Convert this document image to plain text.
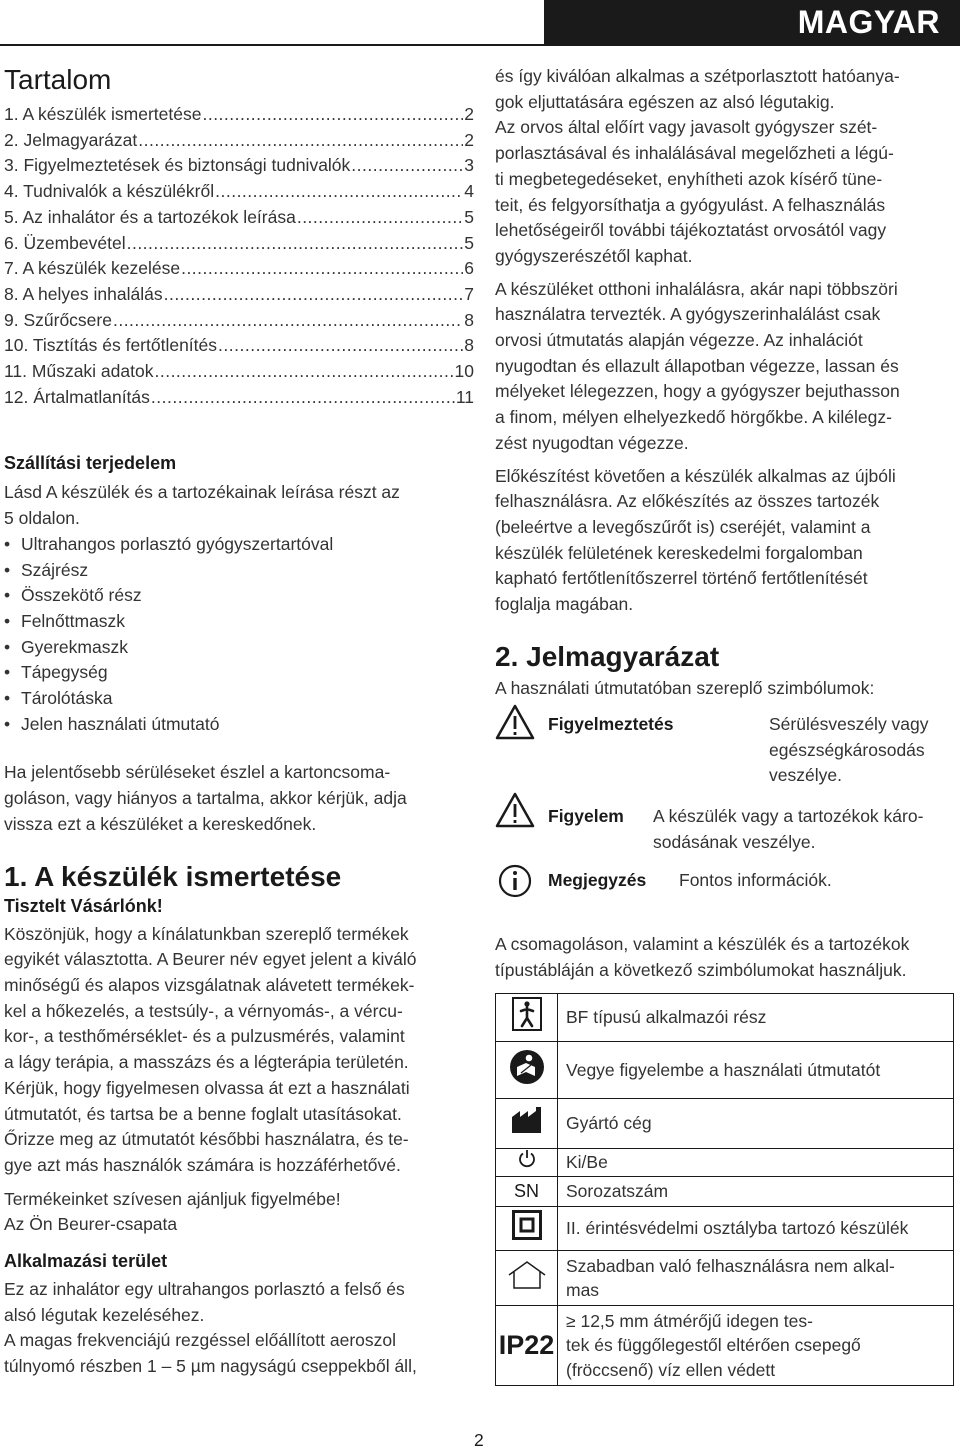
MAGYAR
Tartalom
1. A készülék ismertetése .....	2
2. Jelmagyarázat .....	2
3. Figyelmeztetések és biztonsági tudnivalók .....	3
4. Tudnivalók a készülékről .....	4
5. Az inhalátor és a tartozékok leírása .....	5
6. Üzembevétel .....	5
7. A készülék kezelése .....	6
8. A helyes inhalálás .....	7
9. Szűrőcsere .....	8
10. Tisztítás és fertőtlenítés .....	8
11. Műszaki adatok .....	10
12. Ártalmatlanítás .....	11
Szállítási terjedelem

Lásd A készülék és a tartozékainak leírása részt az

5 oldalon.

• Ultrahangos porlasztó gyógyszertartóval
• Szájrész
• Összekötő rész
• Felnőttmaszk
• Gyerekmaszk
• Tápegység
• Tárolótáska
• Jelen használati útmutató

Ha jelentősebb sérüléseket észlel a kartoncsoma-

goláson, vagy hiányos a tartalma, akkor kérjük, adja

vissza ezt a készüléket a kereskedőnek.

1. A készülék ismertetése
Tisztelt Vásárlónk!

Köszönjük, hogy a kínálatunkban szereplő termékek

egyikét választotta. A Beurer név egyet jelent a kiváló

minőségű és alapos vizsgálatnak alávetett termékek-

kel a hőkezelés, a testsúly-, a vérnyomás-, a vércu-

kor-, a testhőmérséklet- és a pulzusmérés, valamint

a lágy terápia, a masszázs és a légterápia területén.

Kérjük, hogy figyelmesen olvassa át ezt a használati

útmutatót, és tartsa be a benne foglalt utasításokat.

Őrizze meg az útmutatót későbbi használatra, és te-

gye azt más használók számára is hozzáférhetővé.

Termékeinket szívesen ajánljuk figyelmébe!

Az Ön Beurer-csapata

Alkalmazási terület

Ez az inhalátor egy ultrahangos porlasztó a felső és

alsó légutak kezeléséhez.

A magas frekvenciájú rezgéssel előállított aeroszol

túlnyomó részben 1 – 5 µm nagyságú cseppekből áll,

és így kiválóan alkalmas a szétporlasztott hatóanya-

gok eljuttatására egészen az alsó légutakig.

Az orvos által előírt vagy javasolt gyógyszer szét-

porlasztásával és inhalálásával megelőzheti a légú-

ti megbetegedéseket, enyhítheti azok kísérő tüne-

teit, és felgyorsíthatja a gyógyulást. A felhasználás

lehetőségeiről további tájékoztatást orvosától vagy

gyógyszerészétől kaphat.

A készüléket otthoni inhalálásra, akár napi többszöri

használatra tervezték. A gyógyszerinhalálást csak

orvosi útmutatás alapján végezze. Az inhalációt

nyugodtan és ellazult állapotban végezze, lassan és

mélyeket lélegezzen, hogy a gyógyszer bejuthasson

a finom, mélyen elhelyezkedő hörgőkbe. A kilélegz-

zést nyugodtan végezze.

Előkészítést követően a készülék alkalmas az újbóli

felhasználásra. Az előkészítés az összes tartozék

(beleértve a levegőszűrőt is) cseréjét, valamint a

készülék felületének kereskedelmi forgalomban

kapható fertőtlenítőszerrel történő fertőtlenítését

foglalja magában.

2. Jelmagyarázat

A használati útmutatóban szereplő szimbólumok:

Figyelmeztetés	Sérülésveszély vagy
egészségkárosodás
veszélye.
Figyelem A készülék vagy a tartozékok káro-
sodásának veszélye.
Megjegyzés Fontos információk.
A csomagoláson, valamint a készülék és a tartozékok
típustábláján a következő szimbólumokat használjuk.
	BF típusú alkalmazói rész
	Vegye figyelembe a használati útmutatót
	Gyártó cég
	Ki/Be
SN	Sorozatszám
	II. érintésvédelmi osztályba tartozó készülék

Szabadban való felhasználásra nem alkal-
mas

IP22	≥ 12,5 mm átmérőjű idegen tes-
tek és függőlegestől eltérően csepegő
(fröccsenő) víz ellen védett
2
